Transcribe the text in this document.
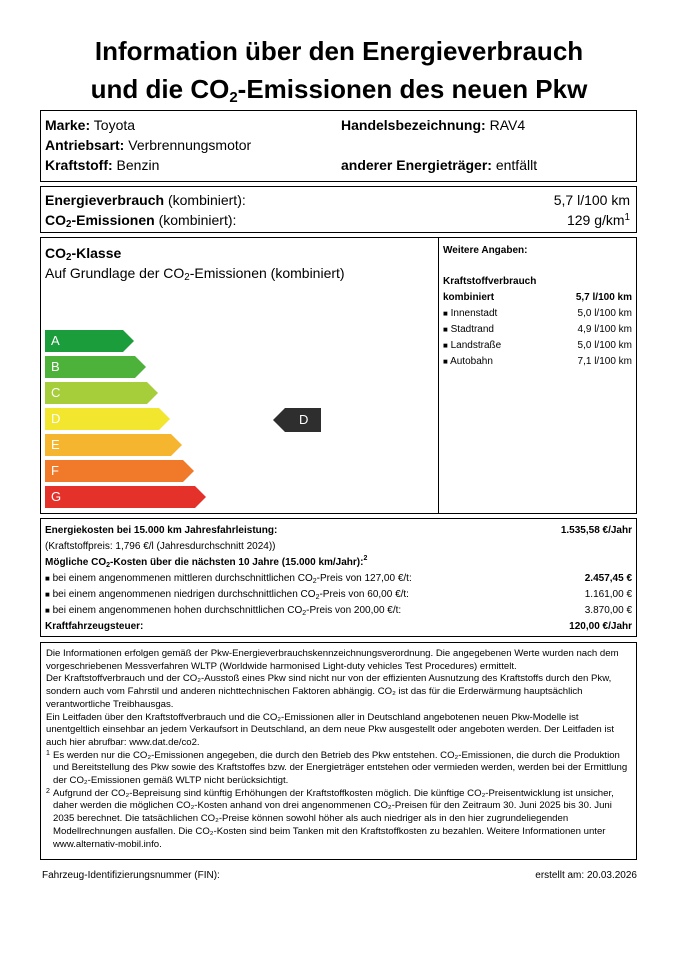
Information über den Energieverbrauch
und die $CO_2$-Emissionen des neuen Pkw
Marke: Toyota	Handelsbezeichnung: RAV4
Antriebsart: Verbrennungsmotor
Kraftstoff: Benzin	anderer Energieträger: entfällt
Energieverbrauch (kombiniert):	5,7 l/100 km
$CO_2$-Emissionen (kombiniert):	129 $g/km^1$
$CO_2$-Klasse
Auf Grundlage der $CO_2$-Emissionen (kombiniert)
A
B
C
D
E
F
G
D
Weitere Angaben:
Kraftstoffverbrauch
kombiniert	5,7 l/100 km
■ Innenstadt	5,0 l/100 km
■ Stadtrand	4,9 l/100 km
■ Landstraße	5,0 l/100 km
■ Autobahn	7,1 l/100 km
Energiekosten bei 15.000 km Jahresfahrleistung:	1.535,58 €/Jahr
(Kraftstoffpreis: 1,796 €/l (Jahresdurchschnitt 2024))
Mögliche $CO_2$-Kosten über die nächsten 10 Jahre (15.000 km/Jahr):$^2$
■ bei einem angenommenen mittleren durchschnittlichen $CO_2$-Preis von 127,00 €/t:	2.457,45 €
■ bei einem angenommenen niedrigen durchschnittlichen $CO_2$-Preis von 60,00 €/t:	1.161,00 €
■ bei einem angenommenen hohen durchschnittlichen $CO_2$-Preis von 200,00 €/t:	3.870,00 €
Kraftfahrzeugsteuer:	120,00 €/Jahr

Die Informationen erfolgen gemäß der Pkw-Energieverbrauchskennzeichnungsverordnung. Die angegebenen Werte wurden nach dem vorgeschriebenen Messverfahren WLTP (Worldwide harmonised Light-duty vehicles Test Procedures) ermittelt.

Der Kraftstoffverbrauch und der CO₂-Ausstoß eines Pkw sind nicht nur von der effizienten Ausnutzung des Kraftstoffs durch den Pkw, sondern auch vom Fahrstil und anderen nichttechnischen Faktoren abhängig. CO₂ ist das für die Erderwärmung hauptsächlich verantwortliche Treibhausgas.

Ein Leitfaden über den Kraftstoffverbrauch und die CO₂-Emissionen aller in Deutschland angebotenen neuen Pkw-Modelle ist unentgeltlich einsehbar an jedem Verkaufsort in Deutschland, an dem neue Pkw ausgestellt oder angeboten werden. Der Leitfaden ist auch hier abrufbar: www.dat.de/co2.

1 Es werden nur die CO₂-Emissionen angegeben, die durch den Betrieb des Pkw entstehen. CO₂-Emissionen, die durch die Produktion und Bereitstellung des Pkw sowie des Kraftstoffes bzw. der Energieträger entstehen oder vermieden werden, werden bei der Ermittlung der CO₂-Emissionen gemäß WLTP nicht berücksichtigt.
2 Aufgrund der CO₂-Bepreisung sind künftig Erhöhungen der Kraftstoffkosten möglich. Die künftige CO₂-Preisentwicklung ist unsicher, daher werden die möglichen CO₂-Kosten anhand von drei angenommenen CO₂-Preisen für den Zeitraum 30. Juni 2025 bis 30. Juni 2035 berechnet. Die tatsächlichen CO₂-Preise können sowohl höher als auch niedriger als in den hier zugrundeliegenden Modellrechnungen ausfallen. Die CO₂-Kosten sind beim Tanken mit den Kraftstoffkosten zu bezahlen. Weitere Informationen unter www.alternativ-mobil.info.
Fahrzeug-Identifizierungsnummer (FIN):	erstellt am: 20.03.2026
